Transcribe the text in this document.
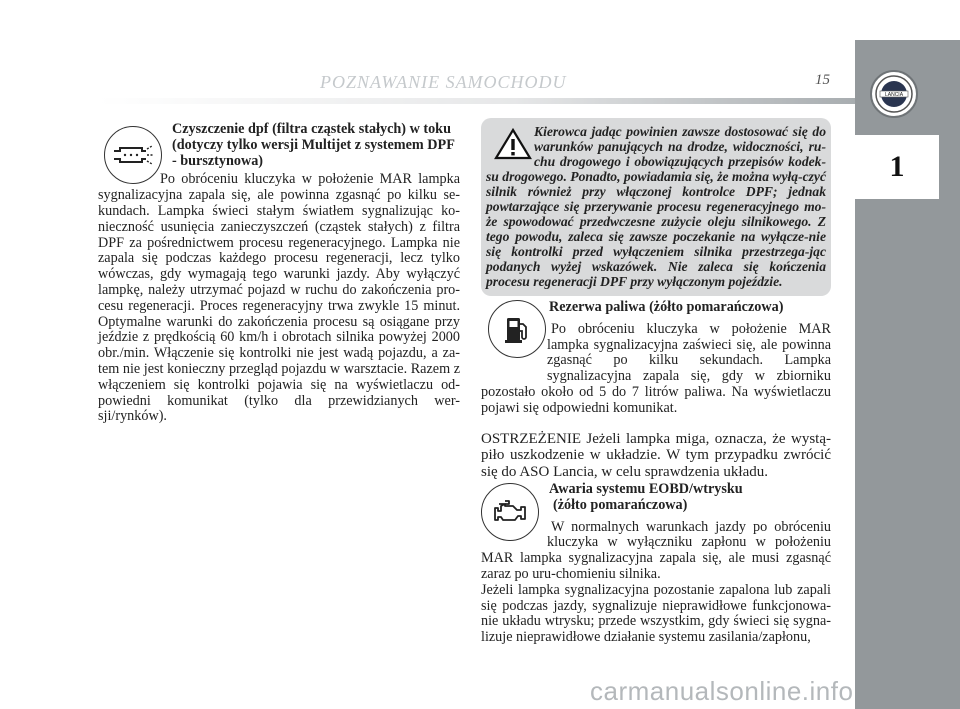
LANCIA
1
POZNAWANIE SAMOCHODU	15

Czyszczenie dpf (filtra cząstek stałych) w toku (dotyczy tylko wersji Multijet z systemem DPF - bursztynowa)

Po obróceniu kluczyka w położenie MAR lampka sygnalizacyjna zapala się, ale powinna zgasnąć po kilku se-kundach. Lampka świeci stałym światłem sygnalizując ko-nieczność usunięcia zanieczyszczeń (cząstek stałych) z filtra DPF za pośrednictwem procesu regeneracyjnego. Lampka nie zapala się podczas każdego procesu regeneracji, lecz tylko wówczas, gdy wymagają tego warunki jazdy. Aby wyłączyć lampkę, należy utrzymać pojazd w ruchu do zakończenia pro-cesu regeneracji. Proces regeneracyjny trwa zwykle 15 minut. Optymalne warunki do zakończenia procesu są osiągane przy jeździe z prędkością 60 km/h i obrotach silnika powyżej 2000 obr./min. Włączenie się kontrolki nie jest wadą pojazdu, a za-tem nie jest konieczny przegląd pojazdu w warsztacie. Razem z włączeniem się kontrolki pojawia się na wyświetlaczu od-powiedni komunikat (tylko dla przewidzianych wer-sji/rynków).

Kierowca jadąc powinien zawsze dostosować się do warunków panujących na drodze, widoczności, ru-chu drogowego i obowiązujących przepisów kodek-su drogowego. Ponadto, powiadamia się, że można wyłą-czyć silnik również przy włączonej kontrolce DPF; jednak powtarzające się przerywanie procesu regeneracyjnego mo-że spowodować przedwczesne zużycie oleju silnikowego. Z tego powodu, zaleca się zawsze poczekanie na wyłącze-nie się kontrolki przed wyłączeniem silnika przestrzega-jąc podanych wyżej wskazówek. Nie zaleca się kończenia procesu regeneracji DPF przy wyłączonym pojeździe.

Rezerwa paliwa (żółto pomarańczowa)

Po obróceniu kluczyka w położenie MAR lampka sygnalizacyjna zaświeci się, ale powinna zgasnąć po kilku sekundach. Lampka sygnalizacyjna zapala się, gdy w zbiorniku pozostało około od 5 do 7 litrów paliwa. Na wyświetlaczu pojawi się odpowiedni komunikat.

OSTRZEŻENIE Jeżeli lampka miga, oznacza, że wystą-piło uszkodzenie w układzie. W tym przypadku zwrócić się do ASO Lancia, w celu sprawdzenia układu.

Awaria systemu EOBD/wtrysku

(żółto pomarańczowa)

W normalnych warunkach jazdy po obróceniu kluczyka w wyłączniku zapłonu w położeniu MAR lampka sygnalizacyjna zapala się, ale musi zgasnąć zaraz po uru-chomieniu silnika.

Jeżeli lampka sygnalizacyjna pozostanie zapalona lub zapali się podczas jazdy, sygnalizuje nieprawidłowe funkcjonowa-nie układu wtrysku; przede wszystkim, gdy świeci się sygna-lizuje nieprawidłowe działanie systemu zasilania/zapłonu,

carmanualsonline.info
